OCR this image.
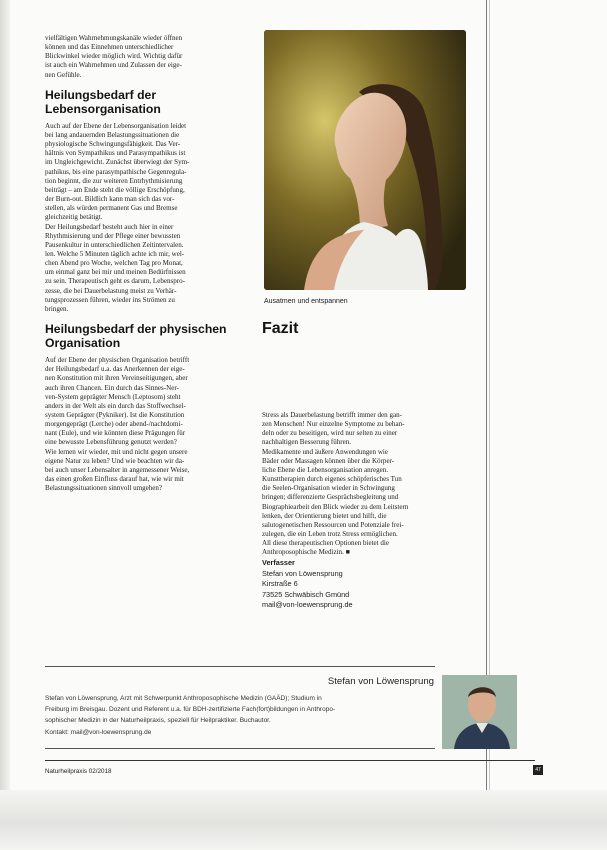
vielfältigen Wahrnehmungskanäle wieder öffnen

können und das Einnehmen unterschiedlicher

Blickwinkel wieder möglich wird. Wichtig dafür

ist auch ein Wahrnehmen und Zulassen der eige-

nen Gefühle.

Heilungsbedarf der Lebensorganisation

Auch auf der Ebene der Lebensorganisation leidet

bei lang andauernden Belastungssituationen die

physiologische Schwingungsfähigkeit. Das Ver-

hältnis von Sympathikus und Parasympathikus ist

im Ungleichgewicht. Zunächst überwiegt der Sym-

pathikus, bis eine parasympathische Gegenregula-

tion beginnt, die zur weiteren Entrhythmisierung

beiträgt – am Ende steht die völlige Erschöpfung,

der Burn-out. Bildlich kann man sich das vor-

stellen, als würden permanent Gas und Bremse

gleichzeitig betätigt.

Der Heilungsbedarf besteht auch hier in einer

Rhythmisierung und der Pflege einer bewussten

Pausenkultur in unterschiedlichen Zeitintervalen.

len. Welche 5 Minuten täglich achte ich mir, wel-

chen Abend pro Woche, welchen Tag pro Monat,

um einmal ganz bei mir und meinen Bedürfnissen

zu sein. Therapeutisch geht es darum, Lebenspro-

zesse, die bei Dauerbelastung meist zu Verhär-

tungsprozessen führen, wieder ins Strömen zu

bringen.

Heilungsbedarf der physischen Organisation

Auf der Ebene der physischen Organisation betrifft

der Heilungsbedarf u.a. das Anerkennen der eige-

nen Konstitution mit ihren Vereinseitigungen, aber

auch ihren Chancen. Ein durch das Sinnes-Ner-

ven-System geprägter Mensch (Leptosom) steht

anders in der Welt als ein durch das Stoffwechsel-

system Geprägter (Pykniker). Ist die Konstitution

morgengeprägt (Lerche) oder abend-/nachtdomi-

nant (Eule), und wie könnten diese Prägungen für

eine bewusste Lebensführung genutzt werden?

Wie lernen wir wieder, mit und nicht gegen unsere

eigene Natur zu leben? Und wie beachten wir da-

bei auch unser Lebensalter in angemessener Weise,

das einen großen Einfluss darauf hat, wie wir mit

Belastungssituationen sinnvoll umgehen?

Ausatmen und entspannen
Fazit

Stress als Dauerbelastung betrifft immer den gan-

zen Menschen! Nur einzelne Symptome zu behan-

deln oder zu beseitigen, wird nur selten zu einer

nachhaltigen Besserung führen.

Medikamente und äußere Anwendungen wie

Bäder oder Massagen können über die Körper-

liche Ebene die Lebensorganisation anregen.

Kunsttherapien durch eigenes schöpferisches Tun

die Seelen-Organisation wieder in Schwingung

bringen; differenzierte Gesprächsbegleitung und

Biographiearbeit den Blick wieder zu dem Leitstern

lenken, der Orientierung bietet und hilft, die

salutogenetischen Ressourcen und Potenziale frei-

zulegen, die ein Leben trotz Stress ermöglichen.

All diese therapeutischen Optionen bietet die

Anthroposophische Medizin. ■

Verfasser
Stefan von Löwensprung
Kirstraße 6
73525 Schwäbisch Gmünd
mail@von-loewensprung.de
Stefan von Löwensprung
Stefan von Löwensprung, Arzt mit Schwerpunkt Anthroposophische Medizin (GAÄD); Studium in
Freiburg im Breisgau. Dozent und Referent u.a. für BDH-zertifizierte Fach(fort)bildungen in Anthropo-
sophischer Medizin in der Naturheilpraxis, speziell für Heilpraktiker. Buchautor.
Kontakt: mail@von-loewensprung.de
Naturheilpraxis 02/2018	47
